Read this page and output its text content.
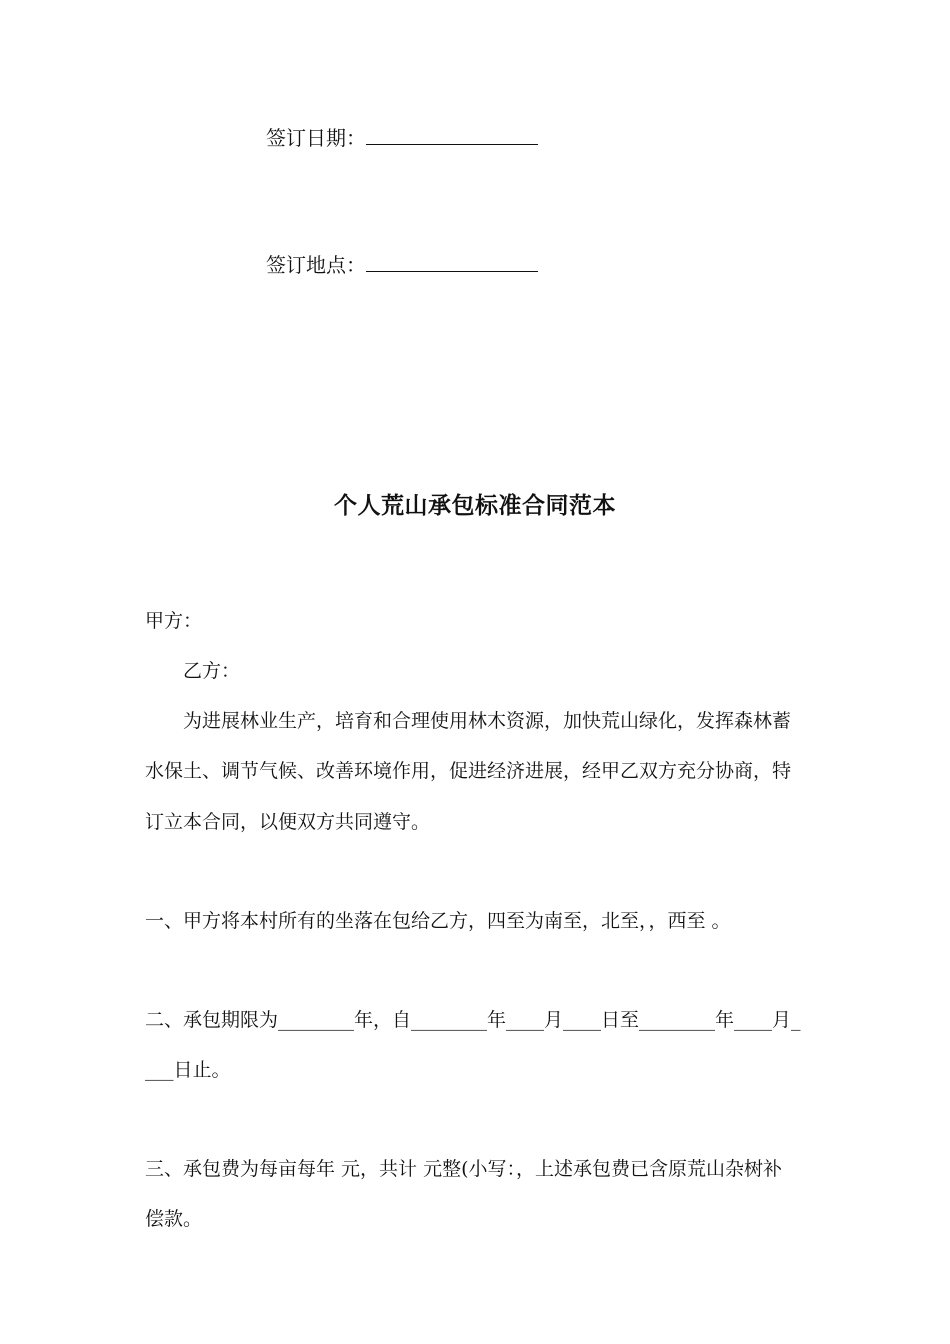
签订日期：
签订地点：
个人荒山承包标准合同范本
甲方：
乙方：
为进展林业生产，培育和合理使用林木资源，加快荒山绿化，发挥森林蓄
水保土、调节气候、改善环境作用，促进经济进展，经甲乙双方充分协商，特
订立本合同，以便双方共同遵守。
一、甲方将本村所有的坐落在包给乙方，四至为南至，北至，，西至 。
二、承包期限为________年，自________年____月____日至________年____月_
___日止。
三、承包费为每亩每年 元，共计 元整(小写：，上述承包费已含原荒山杂树补
偿款。
